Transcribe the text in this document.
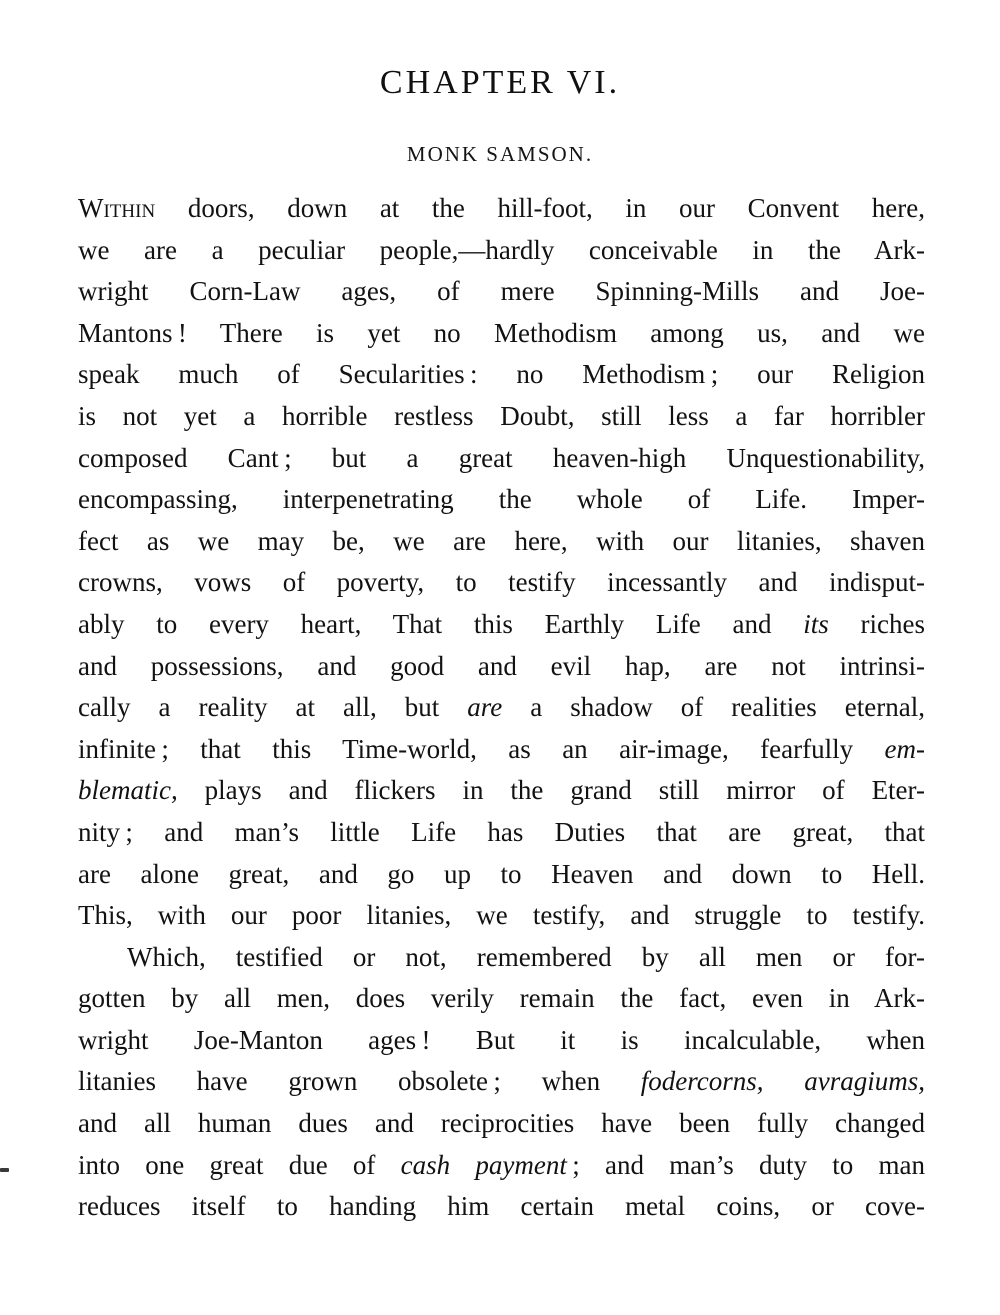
CHAPTER VI.
MONK SAMSON.
Within doors, down at the hill-foot, in our Convent here,
we are a peculiar people,—hardly conceivable in the Ark-
wright Corn-Law ages, of mere Spinning-Mills and Joe-
Mantons ! There is yet no Methodism among us, and we
speak much of Secularities : no Methodism ; our Religion
is not yet a horrible restless Doubt, still less a far horribler
composed Cant ; but a great heaven-high Unquestionability,
encompassing, interpenetrating the whole of Life. Imper-
fect as we may be, we are here, with our litanies, shaven
crowns, vows of poverty, to testify incessantly and indisput-
ably to every heart, That this Earthly Life and its riches
and possessions, and good and evil hap, are not intrinsi-
cally a reality at all, but are a shadow of realities eternal,
infinite ; that this Time-world, as an air-image, fearfully em-
blematic, plays and flickers in the grand still mirror of Eter-
nity ; and man’s little Life has Duties that are great, that
are alone great, and go up to Heaven and down to Hell.
This, with our poor litanies, we testify, and struggle to testify.
Which, testified or not, remembered by all men or for-
gotten by all men, does verily remain the fact, even in Ark-
wright Joe-Manton ages ! But it is incalculable, when
litanies have grown obsolete ; when fodercorns, avragiums,
and all human dues and reciprocities have been fully changed
into one great due of cash payment ; and man’s duty to man
reduces itself to handing him certain metal coins, or cove-
